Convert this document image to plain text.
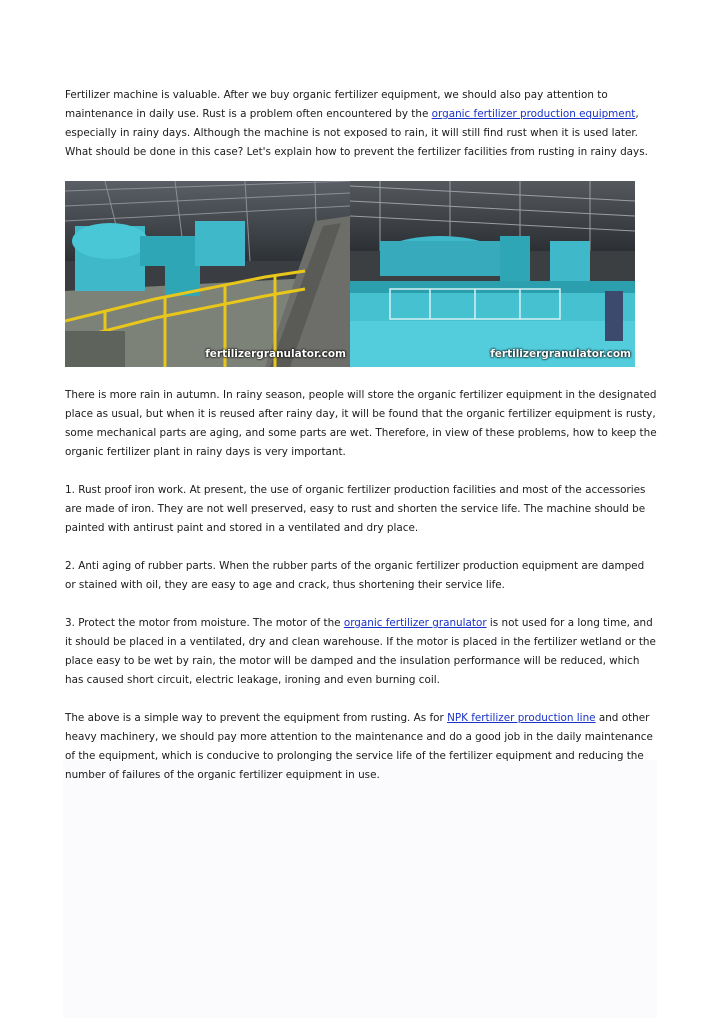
Fertilizer machine is valuable. After we buy organic fertilizer equipment, we should also pay attention to maintenance in daily use. Rust is a problem often encountered by the organic fertilizer production equipment, especially in rainy days. Although the machine is not exposed to rain, it will still find rust when it is used later. What should be done in this case? Let's explain how to prevent the fertilizer facilities from rusting in rainy days.

fertilizergranulator.com	fertilizergranulator.com

There is more rain in autumn. In rainy season, people will store the organic fertilizer equipment in the designated place as usual, but when it is reused after rainy day, it will be found that the organic fertilizer equipment is rusty, some mechanical parts are aging, and some parts are wet. Therefore, in view of these problems, how to keep the organic fertilizer plant in rainy days is very important.

1. Rust proof iron work. At present, the use of organic fertilizer production facilities and most of the accessories are made of iron. They are not well preserved, easy to rust and shorten the service life. The machine should be painted with antirust paint and stored in a ventilated and dry place.

2. Anti aging of rubber parts. When the rubber parts of the organic fertilizer production equipment are damped or stained with oil, they are easy to age and crack, thus shortening their service life.

3. Protect the motor from moisture. The motor of the organic fertilizer granulator is not used for a long time, and it should be placed in a ventilated, dry and clean warehouse. If the motor is placed in the fertilizer wetland or the place easy to be wet by rain, the motor will be damped and the insulation performance will be reduced, which has caused short circuit, electric leakage, ironing and even burning coil.

The above is a simple way to prevent the equipment from rusting. As for NPK fertilizer production line and other heavy machinery, we should pay more attention to the maintenance and do a good job in the daily maintenance of the equipment, which is conducive to prolonging the service life of the fertilizer equipment and reducing the number of failures of the organic fertilizer equipment in use.
